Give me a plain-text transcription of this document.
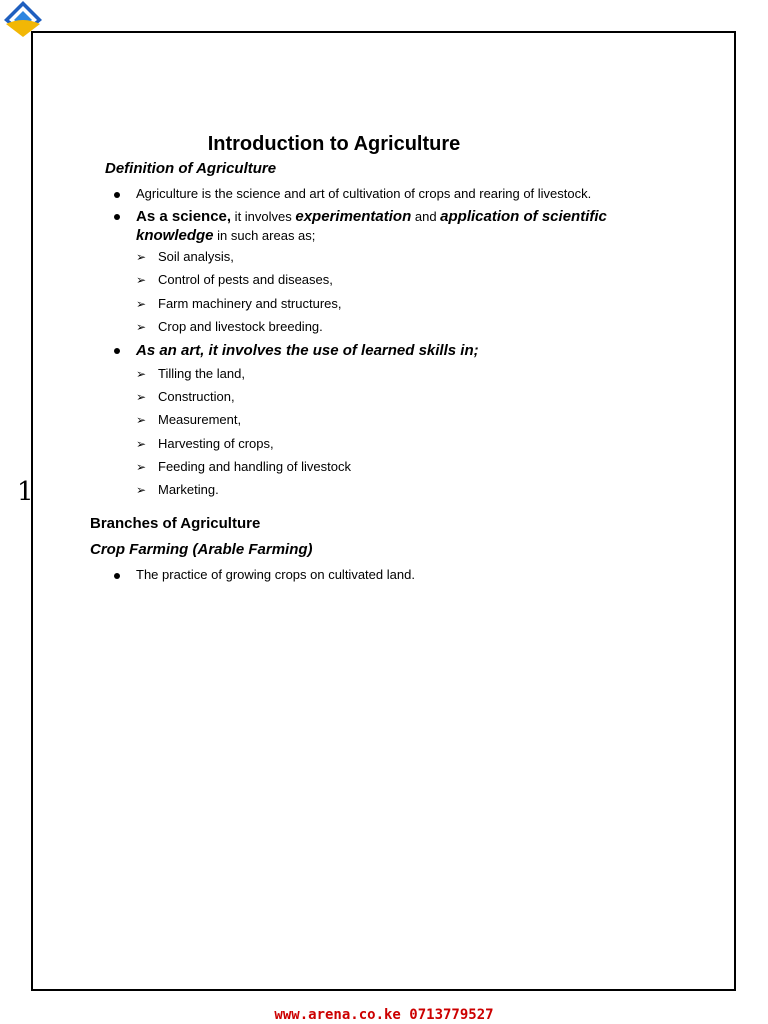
1
Introduction to Agriculture
Definition of Agriculture
Agriculture is the science and art of cultivation of crops and rearing of livestock.
As a science, it involves experimentation and application of scientific
knowledge in such areas as;
➢ Soil analysis,
➢ Control of pests and diseases,
➢ Farm machinery and structures,
➢ Crop and livestock breeding.
As an art, it involves the use of learned skills in;
➢ Tilling the land,
➢ Construction,
➢ Measurement,
➢ Harvesting of crops,
➢ Feeding and handling of livestock
➢ Marketing.
Branches of Agriculture
Crop Farming (Arable Farming)
The practice of growing crops on cultivated land.
www.arena.co.ke 0713779527
